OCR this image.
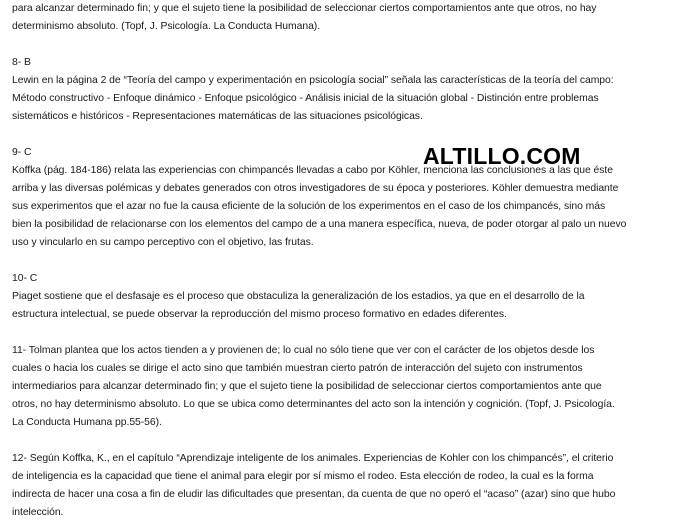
para alcanzar determinado fin; y que el sujeto tiene la posibilidad de seleccionar ciertos comportamientos ante que otros, no hay
determinismo absoluto. (Topf, J. Psicología. La Conducta Humana).
8- B
Lewin en la página 2 de “Teoría del campo y experimentación en psicología social” señala las características de la teoría del campo:
Método constructivo - Enfoque dinámico - Enfoque psicológico - Análisis inicial de la situación global - Distinción entre problemas
sistemáticos e históricos - Representaciones matemáticas de las situaciones psicológicas.
9- C
Koffka (pág. 184-186) relata las experiencias con chimpancés llevadas a cabo por Köhler, menciona las conclusiones a las que éste
arriba y las diversas polémicas y debates generados con otros investigadores de su época y posteriores. Köhler demuestra mediante
sus experimentos que el azar no fue la causa eficiente de la solución de los experimentos en el caso de los chimpancés, sino más
bien la posibilidad de relacionarse con los elementos del campo de a una manera específica, nueva, de poder otorgar al palo un nuevo
uso y vincularlo en su campo perceptivo con el objetivo, las frutas.
10- C
Piaget sostiene que el desfasaje es el proceso que obstaculiza la generalización de los estadios, ya que en el desarrollo de la
estructura intelectual, se puede observar la reproducción del mismo proceso formativo en edades diferentes.
11- Tolman plantea que los actos tienden a y provienen de; lo cual no sólo tiene que ver con el carácter de los objetos desde los
cuales o hacia los cuales se dirige el acto sino que también muestran cierto patrón de interacción del sujeto con instrumentos
intermediarios para alcanzar determinado fin; y que el sujeto tiene la posibilidad de seleccionar ciertos comportamientos ante que
otros, no hay determinismo absoluto. Lo que se ubica como determinantes del acto son la intención y cognición. (Topf, J. Psicología.
La Conducta Humana pp.55-56).
12- Según Koffka, K., en el capítulo “Aprendizaje inteligente de los animales. Experiencias de Kohler con los chimpancés”, el criterio
de inteligencia es la capacidad que tiene el animal para elegir por sí mismo el rodeo. Esta elección de rodeo, la cual es la forma
indirecta de hacer una cosa a fin de eludir las dificultades que presentan, da cuenta de que no operó el “acaso” (azar) sino que hubo
intelección.
ALTILLO.COM
